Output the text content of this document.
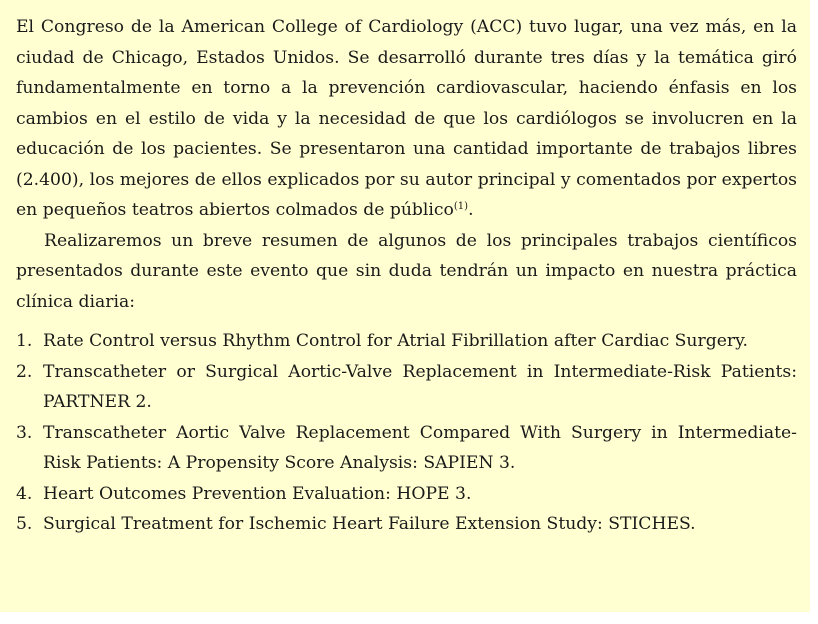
El Congreso de la American College of Cardiology (ACC) tuvo lugar, una vez más, en la ciudad de Chicago, Estados Unidos. Se desarrolló durante tres días y la temática giró fundamentalmente en torno a la prevención cardiovascular, haciendo énfasis en los cambios en el estilo de vida y la necesidad de que los cardiólogos se involucren en la educación de los pacientes. Se presentaron una cantidad importante de trabajos libres (2.400), los mejores de ellos explicados por su autor principal y comentados por expertos en pequeños teatros abiertos colmados de público$^{(1)}$.

Realizaremos un breve resumen de algunos de los principales trabajos científicos presentados durante este evento que sin duda tendrán un impacto en nuestra práctica clínica diaria:

1. Rate Control versus Rhythm Control for Atrial Fibrillation after Cardiac Surgery.
2. Transcatheter or Surgical Aortic-Valve Replacement in Intermediate-Risk Patients: PARTNER 2.
3. Transcatheter Aortic Valve Replacement Compared With Surgery in Intermediate-Risk Patients: A Propensity Score Analysis: SAPIEN 3.
4. Heart Outcomes Prevention Evaluation: HOPE 3.
5. Surgical Treatment for Ischemic Heart Failure Extension Study: STICHES.
